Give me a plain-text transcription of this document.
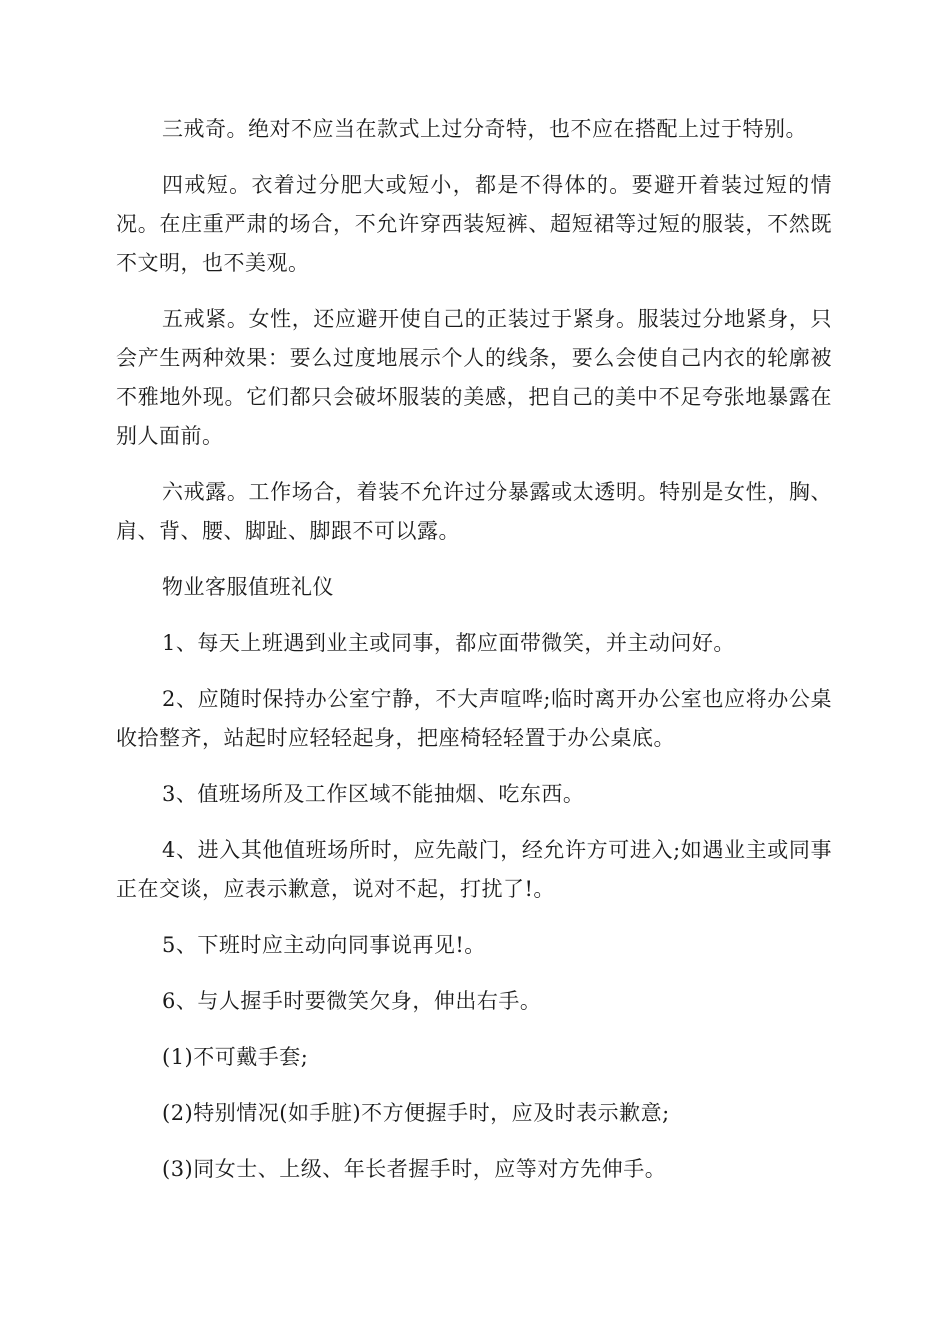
三戒奇。绝对不应当在款式上过分奇特，也不应在搭配上过于特别。

四戒短。衣着过分肥大或短小，都是不得体的。要避开着装过短的情况。在庄重严肃的场合，不允许穿西装短裤、超短裙等过短的服装，不然既不文明，也不美观。

五戒紧。女性，还应避开使自己的正装过于紧身。服装过分地紧身，只会产生两种效果：要么过度地展示个人的线条，要么会使自己内衣的轮廓被不雅地外现。它们都只会破坏服装的美感，把自己的美中不足夸张地暴露在别人面前。

六戒露。工作场合，着装不允许过分暴露或太透明。特别是女性，胸、肩、背、腰、脚趾、脚跟不可以露。

物业客服值班礼仪

1、每天上班遇到业主或同事，都应面带微笑，并主动问好。

2、应随时保持办公室宁静，不大声喧哗;临时离开办公室也应将办公桌收拾整齐，站起时应轻轻起身，把座椅轻轻置于办公桌底。

3、值班场所及工作区域不能抽烟、吃东西。

4、进入其他值班场所时，应先敲门，经允许方可进入;如遇业主或同事正在交谈，应表示歉意，说对不起，打扰了!。

5、下班时应主动向同事说再见!。

6、与人握手时要微笑欠身，伸出右手。

(1)不可戴手套;

(2)特别情况(如手脏)不方便握手时，应及时表示歉意;

(3)同女士、上级、年长者握手时，应等对方先伸手。
